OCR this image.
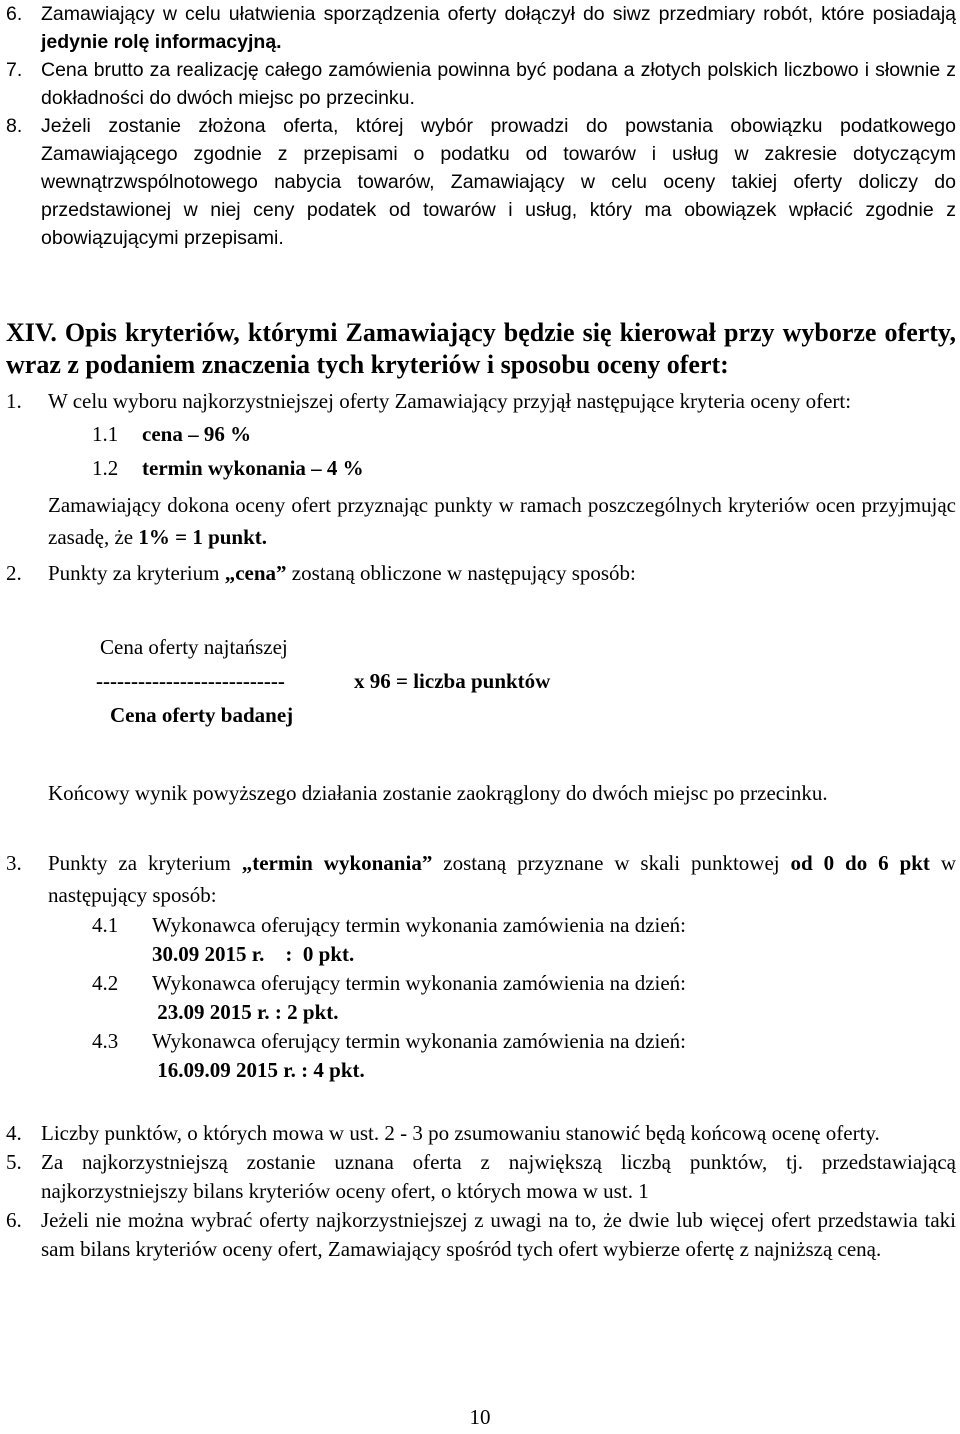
6. Zamawiający w celu ułatwienia sporządzenia oferty dołączył do siwz przedmiary robót, które posiadają jedynie rolę informacyjną.
7. Cena brutto za realizację całego zamówienia powinna być podana a złotych polskich liczbowo i słownie z dokładności do dwóch miejsc po przecinku.
8. Jeżeli zostanie złożona oferta, której wybór prowadzi do powstania obowiązku podatkowego Zamawiającego zgodnie z przepisami o podatku od towarów i usług w zakresie dotyczącym wewnątrzwspólnotowego nabycia towarów, Zamawiający w celu oceny takiej oferty doliczy do przedstawionej w niej ceny podatek od towarów i usług, który ma obowiązek wpłacić zgodnie z obowiązującymi przepisami.
XIV. Opis kryteriów, którymi Zamawiający będzie się kierował przy wyborze oferty, wraz z podaniem znaczenia tych kryteriów i sposobu oceny ofert:
1.	W celu wyboru najkorzystniejszej oferty Zamawiający przyjął następujące kryteria oceny ofert:
1.1	cena – 96 %
1.2	termin wykonania – 4 %
Zamawiający dokona oceny ofert przyznając punkty w ramach poszczególnych kryteriów ocen przyjmując zasadę, że 1% = 1 punkt.
2.	Punkty za kryterium „cena” zostaną obliczone w następujący sposób:
Cena oferty najtańszej
---------------------------	x 96 = liczba punktów
Cena oferty badanej
Końcowy wynik powyższego działania zostanie zaokrąglony do dwóch miejsc po przecinku.
3.	Punkty za kryterium „termin wykonania” zostaną przyznane w skali punktowej od 0 do 6 pkt w następujący sposób:
4.1	Wykonawca oferujący termin wykonania zamówienia na dzień:
30.09 2015 r.    :  0 pkt.
4.2	Wykonawca oferujący termin wykonania zamówienia na dzień:
23.09 2015 r. : 2 pkt.
4.3	Wykonawca oferujący termin wykonania zamówienia na dzień:
16.09.09 2015 r. : 4 pkt.
4. Liczby punktów, o których mowa w ust. 2 - 3 po zsumowaniu stanowić będą końcową ocenę oferty.
5. Za najkorzystniejszą zostanie uznana oferta z największą liczbą punktów, tj. przedstawiającą najkorzystniejszy bilans kryteriów oceny ofert, o których mowa w ust. 1
6. Jeżeli nie można wybrać oferty najkorzystniejszej z uwagi na to, że dwie lub więcej ofert przedstawia taki sam bilans kryteriów oceny ofert, Zamawiający spośród tych ofert wybierze ofertę z najniższą ceną.
10
